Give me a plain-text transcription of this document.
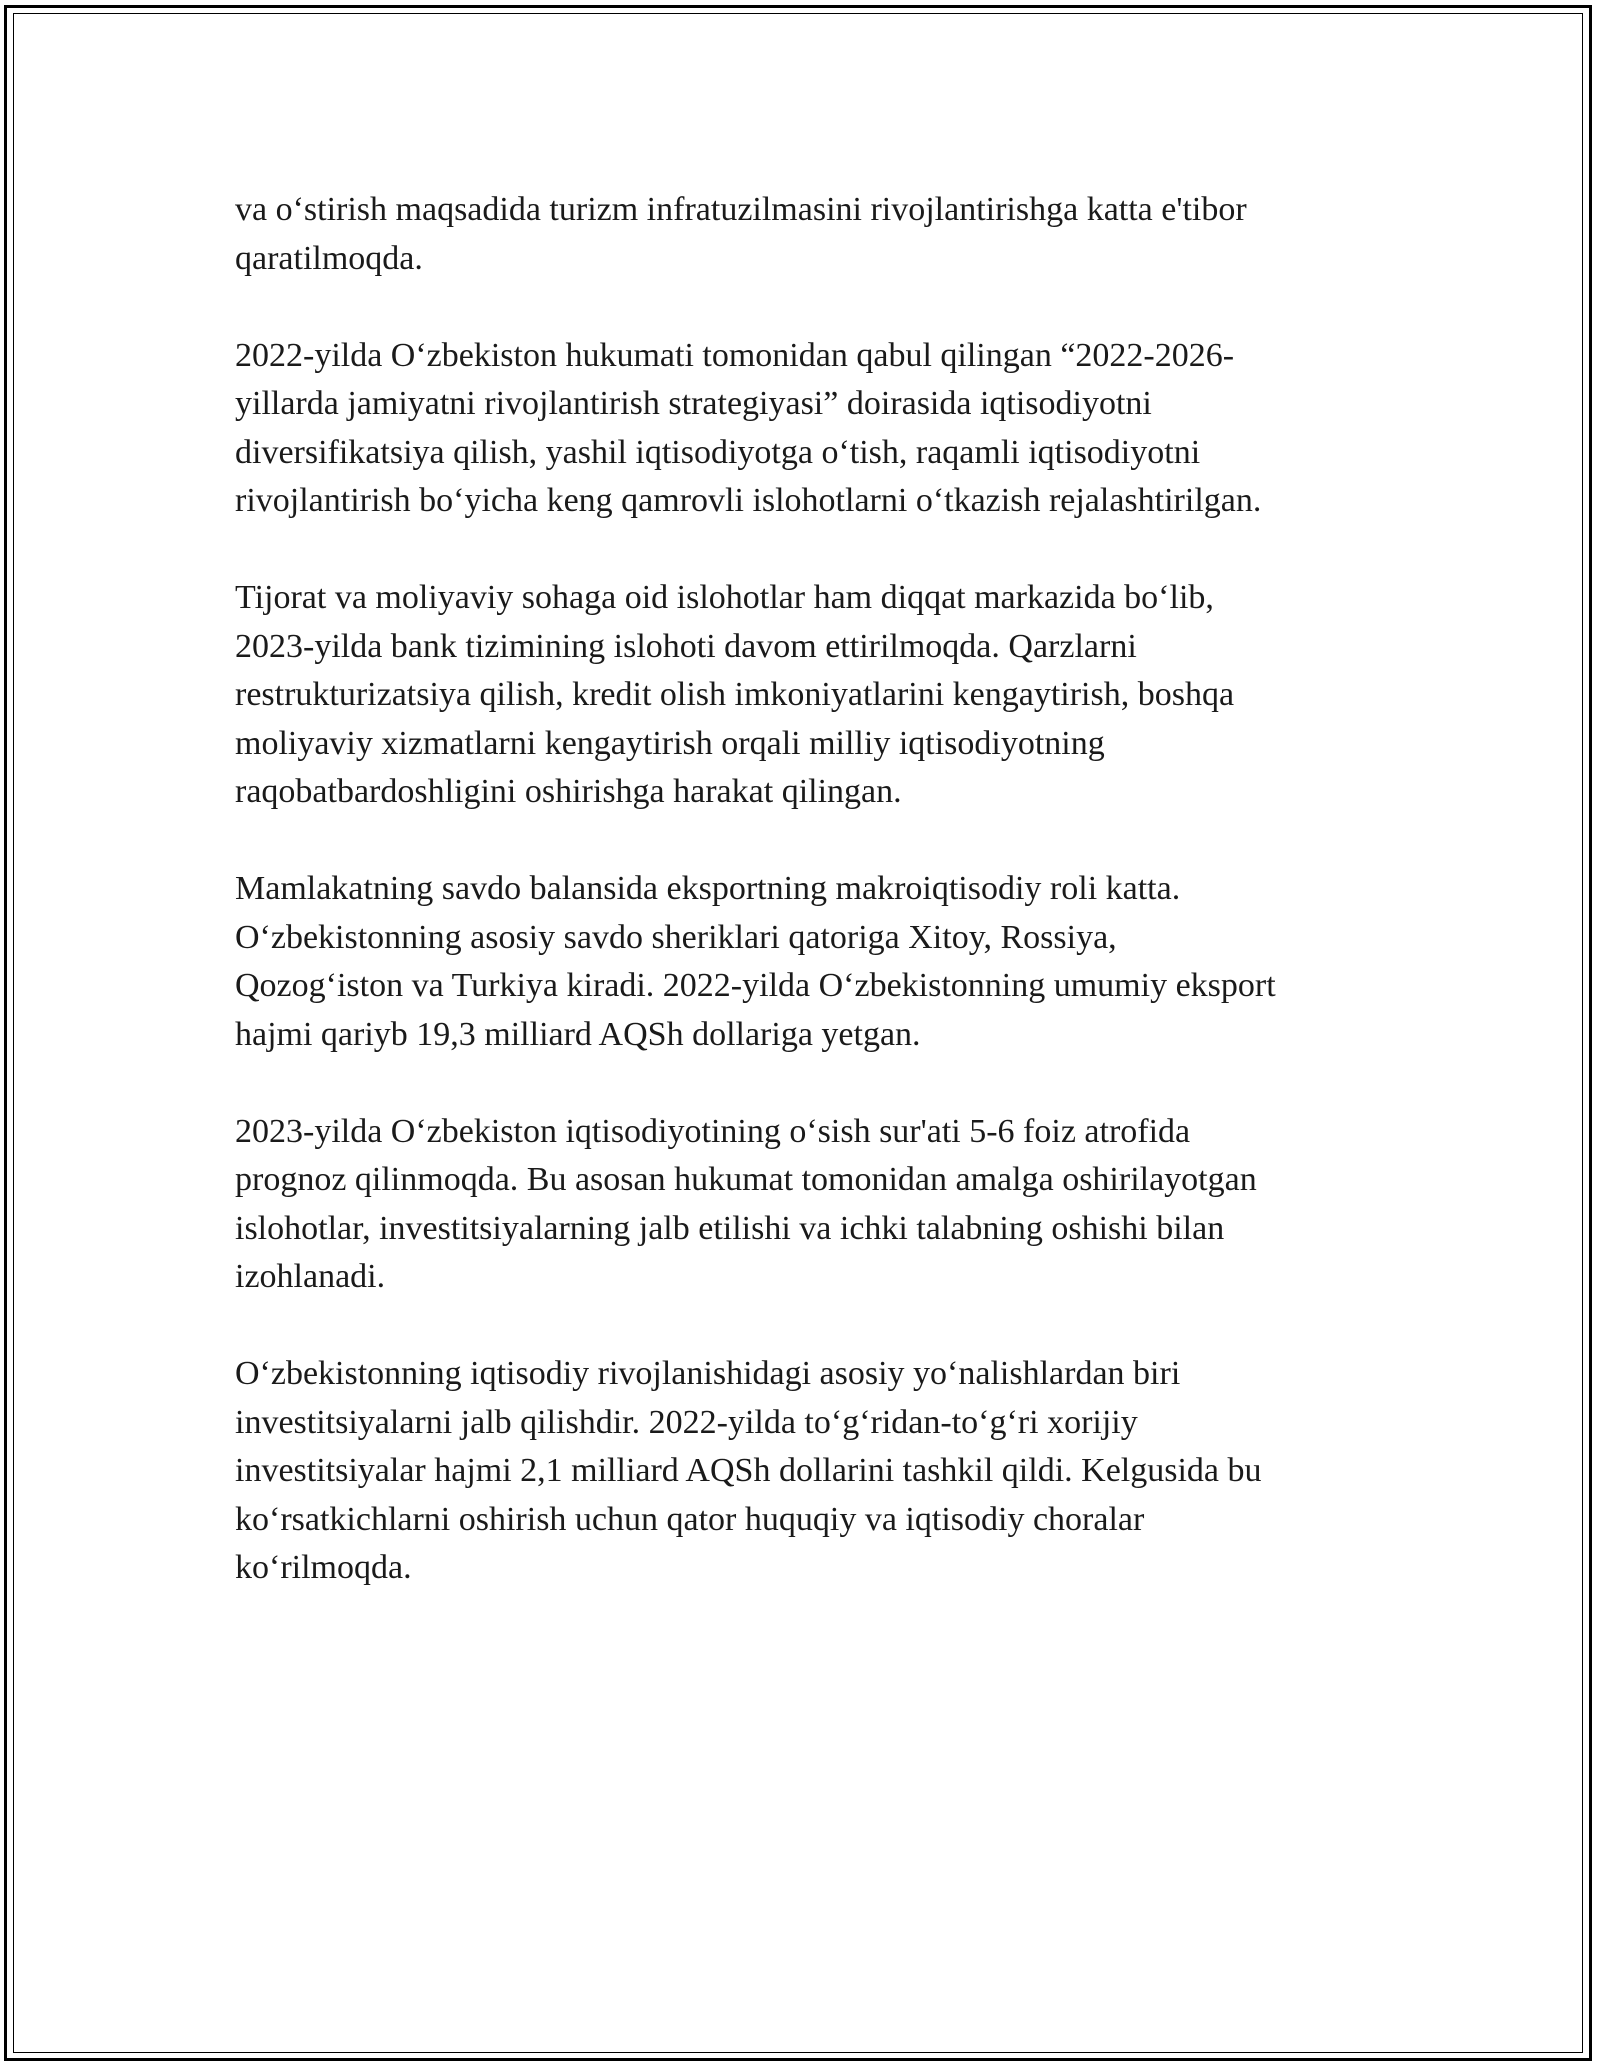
va o‘stirish maqsadida turizm infratuzilmasini rivojlantirishga katta e'tibor
qaratilmoqda.

2022-yilda O‘zbekiston hukumati tomonidan qabul qilingan “2022-2026-
yillarda jamiyatni rivojlantirish strategiyasi” doirasida iqtisodiyotni
diversifikatsiya qilish, yashil iqtisodiyotga o‘tish, raqamli iqtisodiyotni
rivojlantirish bo‘yicha keng qamrovli islohotlarni o‘tkazish rejalashtirilgan.

Tijorat va moliyaviy sohaga oid islohotlar ham diqqat markazida bo‘lib,
2023-yilda bank tizimining islohoti davom ettirilmoqda. Qarzlarni
restrukturizatsiya qilish, kredit olish imkoniyatlarini kengaytirish, boshqa
moliyaviy xizmatlarni kengaytirish orqali milliy iqtisodiyotning
raqobatbardoshligini oshirishga harakat qilingan.

Mamlakatning savdo balansida eksportning makroiqtisodiy roli katta.
O‘zbekistonning asosiy savdo sheriklari qatoriga Xitoy, Rossiya,
Qozog‘iston va Turkiya kiradi. 2022-yilda O‘zbekistonning umumiy eksport
hajmi qariyb 19,3 milliard AQSh dollariga yetgan.

2023-yilda O‘zbekiston iqtisodiyotining o‘sish sur'ati 5-6 foiz atrofida
prognoz qilinmoqda. Bu asosan hukumat tomonidan amalga oshirilayotgan
islohotlar, investitsiyalarning jalb etilishi va ichki talabning oshishi bilan
izohlanadi.

O‘zbekistonning iqtisodiy rivojlanishidagi asosiy yo‘nalishlardan biri
investitsiyalarni jalb qilishdir. 2022-yilda to‘g‘ridan-to‘g‘ri xorijiy
investitsiyalar hajmi 2,1 milliard AQSh dollarini tashkil qildi. Kelgusida bu
ko‘rsatkichlarni oshirish uchun qator huquqiy va iqtisodiy choralar
ko‘rilmoqda.
